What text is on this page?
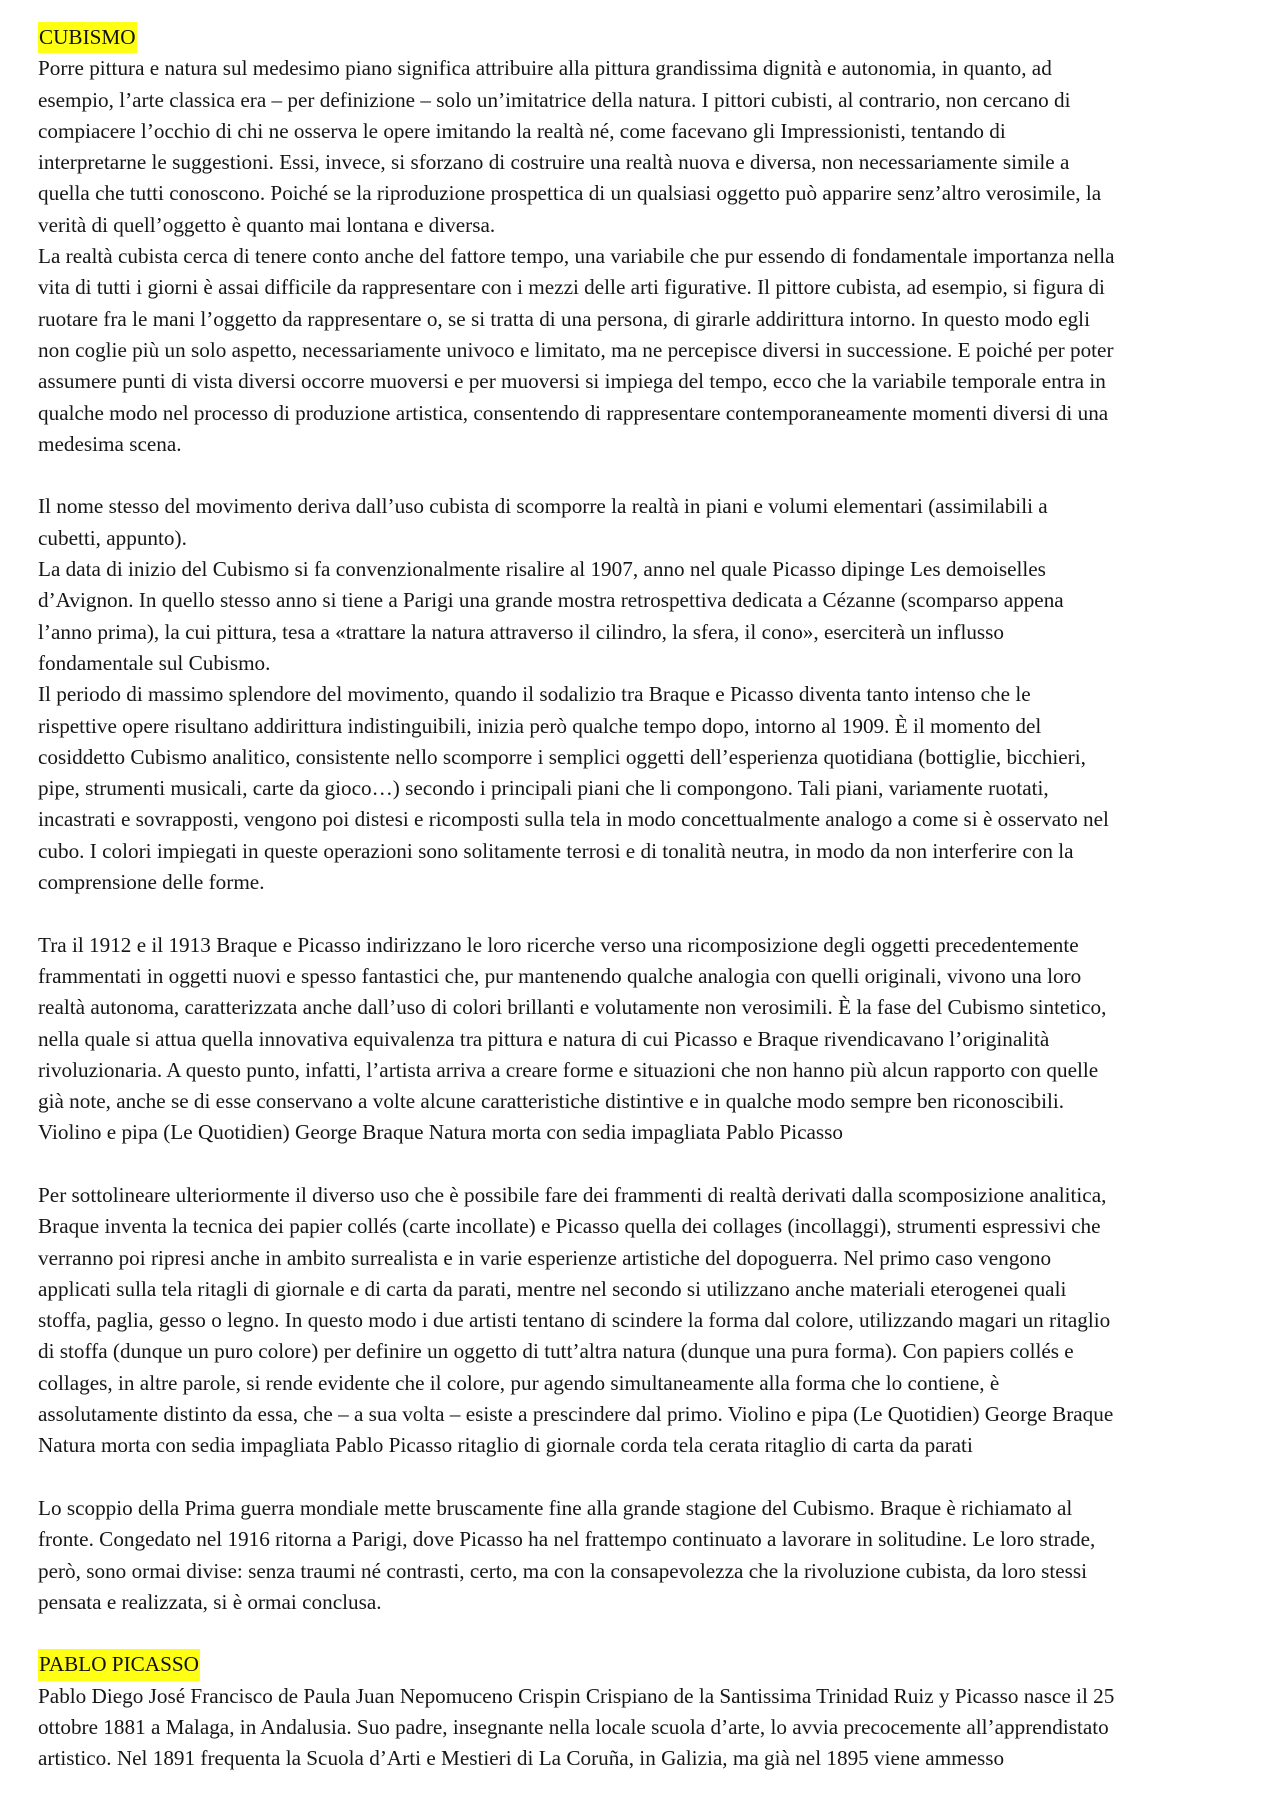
CUBISMO

Porre pittura e natura sul medesimo piano significa attribuire alla pittura grandissima dignità e autonomia, in quanto, ad
esempio, l’arte classica era – per definizione – solo un’imitatrice della natura. I pittori cubisti, al contrario, non cercano di
compiacere l’occhio di chi ne osserva le opere imitando la realtà né, come facevano gli Impressionisti, tentando di
interpretarne le suggestioni. Essi, invece, si sforzano di costruire una realtà nuova e diversa, non necessariamente simile a
quella che tutti conoscono. Poiché se la riproduzione prospettica di un qualsiasi oggetto può apparire senz’altro verosimile, la
verità di quell’oggetto è quanto mai lontana e diversa.

La realtà cubista cerca di tenere conto anche del fattore tempo, una variabile che pur essendo di fondamentale importanza nella
vita di tutti i giorni è assai difficile da rappresentare con i mezzi delle arti figurative. Il pittore cubista, ad esempio, si figura di
ruotare fra le mani l’oggetto da rappresentare o, se si tratta di una persona, di girarle addirittura intorno. In questo modo egli
non coglie più un solo aspetto, necessariamente univoco e limitato, ma ne percepisce diversi in successione. E poiché per poter
assumere punti di vista diversi occorre muoversi e per muoversi si impiega del tempo, ecco che la variabile temporale entra in
qualche modo nel processo di produzione artistica, consentendo di rappresentare contemporaneamente momenti diversi di una
medesima scena.

Il nome stesso del movimento deriva dall’uso cubista di scomporre la realtà in piani e volumi elementari (assimilabili a
cubetti, appunto).

La data di inizio del Cubismo si fa convenzionalmente risalire al 1907, anno nel quale Picasso dipinge Les demoiselles
d’Avignon. In quello stesso anno si tiene a Parigi una grande mostra retrospettiva dedicata a Cézanne (scomparso appena
l’anno prima), la cui pittura, tesa a «trattare la natura attraverso il cilindro, la sfera, il cono», eserciterà un influsso
fondamentale sul Cubismo.

Il periodo di massimo splendore del movimento, quando il sodalizio tra Braque e Picasso diventa tanto intenso che le
rispettive opere risultano addirittura indistinguibili, inizia però qualche tempo dopo, intorno al 1909. È il momento del
cosiddetto Cubismo analitico, consistente nello scomporre i semplici oggetti dell’esperienza quotidiana (bottiglie, bicchieri,
pipe, strumenti musicali, carte da gioco…) secondo i principali piani che li compongono. Tali piani, variamente ruotati,
incastrati e sovrapposti, vengono poi distesi e ricomposti sulla tela in modo concettualmente analogo a come si è osservato nel
cubo. I colori impiegati in queste operazioni sono solitamente terrosi e di tonalità neutra, in modo da non interferire con la
comprensione delle forme.

Tra il 1912 e il 1913 Braque e Picasso indirizzano le loro ricerche verso una ricomposizione degli oggetti precedentemente
frammentati in oggetti nuovi e spesso fantastici che, pur mantenendo qualche analogia con quelli originali, vivono una loro
realtà autonoma, caratterizzata anche dall’uso di colori brillanti e volutamente non verosimili. È la fase del Cubismo sintetico,
nella quale si attua quella innovativa equivalenza tra pittura e natura di cui Picasso e Braque rivendicavano l’originalità
rivoluzionaria. A questo punto, infatti, l’artista arriva a creare forme e situazioni che non hanno più alcun rapporto con quelle
già note, anche se di esse conservano a volte alcune caratteristiche distintive e in qualche modo sempre ben riconoscibili.
Violino e pipa (Le Quotidien) George Braque Natura morta con sedia impagliata Pablo Picasso

Per sottolineare ulteriormente il diverso uso che è possibile fare dei frammenti di realtà derivati dalla scomposizione analitica,
Braque inventa la tecnica dei papier collés (carte incollate) e Picasso quella dei collages (incollaggi), strumenti espressivi che
verranno poi ripresi anche in ambito surrealista e in varie esperienze artistiche del dopoguerra. Nel primo caso vengono
applicati sulla tela ritagli di giornale e di carta da parati, mentre nel secondo si utilizzano anche materiali eterogenei quali
stoffa, paglia, gesso o legno. In questo modo i due artisti tentano di scindere la forma dal colore, utilizzando magari un ritaglio
di stoffa (dunque un puro colore) per definire un oggetto di tutt’altra natura (dunque una pura forma). Con papiers collés e
collages, in altre parole, si rende evidente che il colore, pur agendo simultaneamente alla forma che lo contiene, è
assolutamente distinto da essa, che – a sua volta – esiste a prescindere dal primo. Violino e pipa (Le Quotidien) George Braque
Natura morta con sedia impagliata Pablo Picasso ritaglio di giornale corda tela cerata ritaglio di carta da parati

Lo scoppio della Prima guerra mondiale mette bruscamente fine alla grande stagione del Cubismo. Braque è richiamato al
fronte. Congedato nel 1916 ritorna a Parigi, dove Picasso ha nel frattempo continuato a lavorare in solitudine. Le loro strade,
però, sono ormai divise: senza traumi né contrasti, certo, ma con la consapevolezza che la rivoluzione cubista, da loro stessi
pensata e realizzata, si è ormai conclusa.

PABLO PICASSO

Pablo Diego José Francisco de Paula Juan Nepomuceno Crispin Crispiano de la Santissima Trinidad Ruiz y Picasso nasce il 25
ottobre 1881 a Malaga, in Andalusia. Suo padre, insegnante nella locale scuola d’arte, lo avvia precocemente all’apprendistato
artistico. Nel 1891 frequenta la Scuola d’Arti e Mestieri di La Coruña, in Galizia, ma già nel 1895 viene ammesso
